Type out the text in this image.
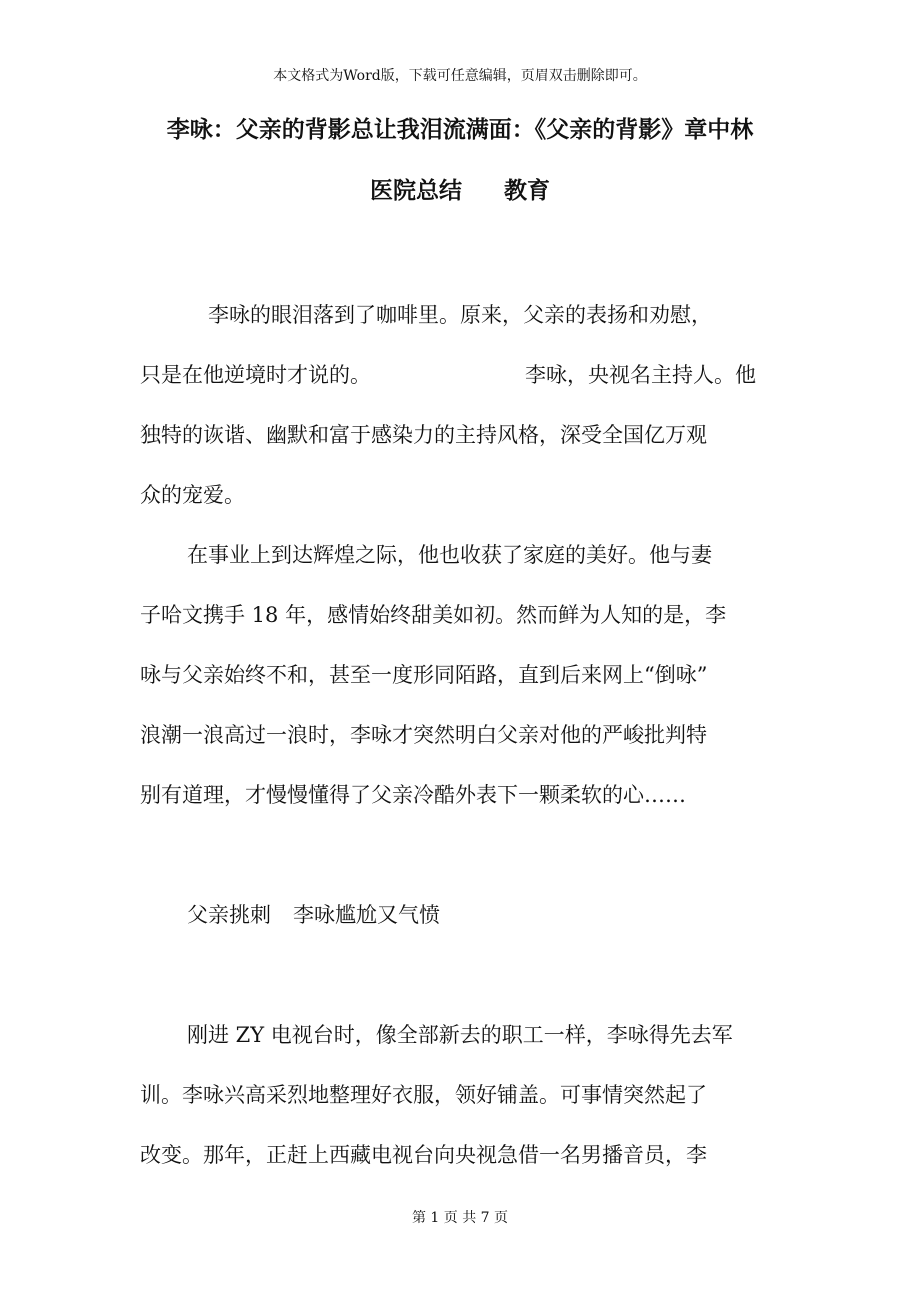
本文格式为Word版，下载可任意编辑，页眉双击删除即可。
李咏：父亲的背影总让我泪流满面：《父亲的背影》章中林
医院总结 教育
李咏的眼泪落到了咖啡里。原来，父亲的表扬和劝慰，
只是在他逆境时才说的。	李咏，央视名主持人。他
独特的诙谐、幽默和富于感染力的主持风格，深受全国亿万观
众的宠爱。
在事业上到达辉煌之际，他也收获了家庭的美好。他与妻
子哈文携手 18 年，感情始终甜美如初。然而鲜为人知的是，李
咏与父亲始终不和，甚至一度形同陌路，直到后来网上“倒咏”
浪潮一浪高过一浪时，李咏才突然明白父亲对他的严峻批判特
别有道理，才慢慢懂得了父亲冷酷外表下一颗柔软的心……
父亲挑刺 李咏尴尬又气愤
刚进 ZY 电视台时，像全部新去的职工一样，李咏得先去军
训。李咏兴高采烈地整理好衣服，领好铺盖。可事情突然起了
改变。那年，正赶上西藏电视台向央视急借一名男播音员，李
第 1 页 共 7 页
